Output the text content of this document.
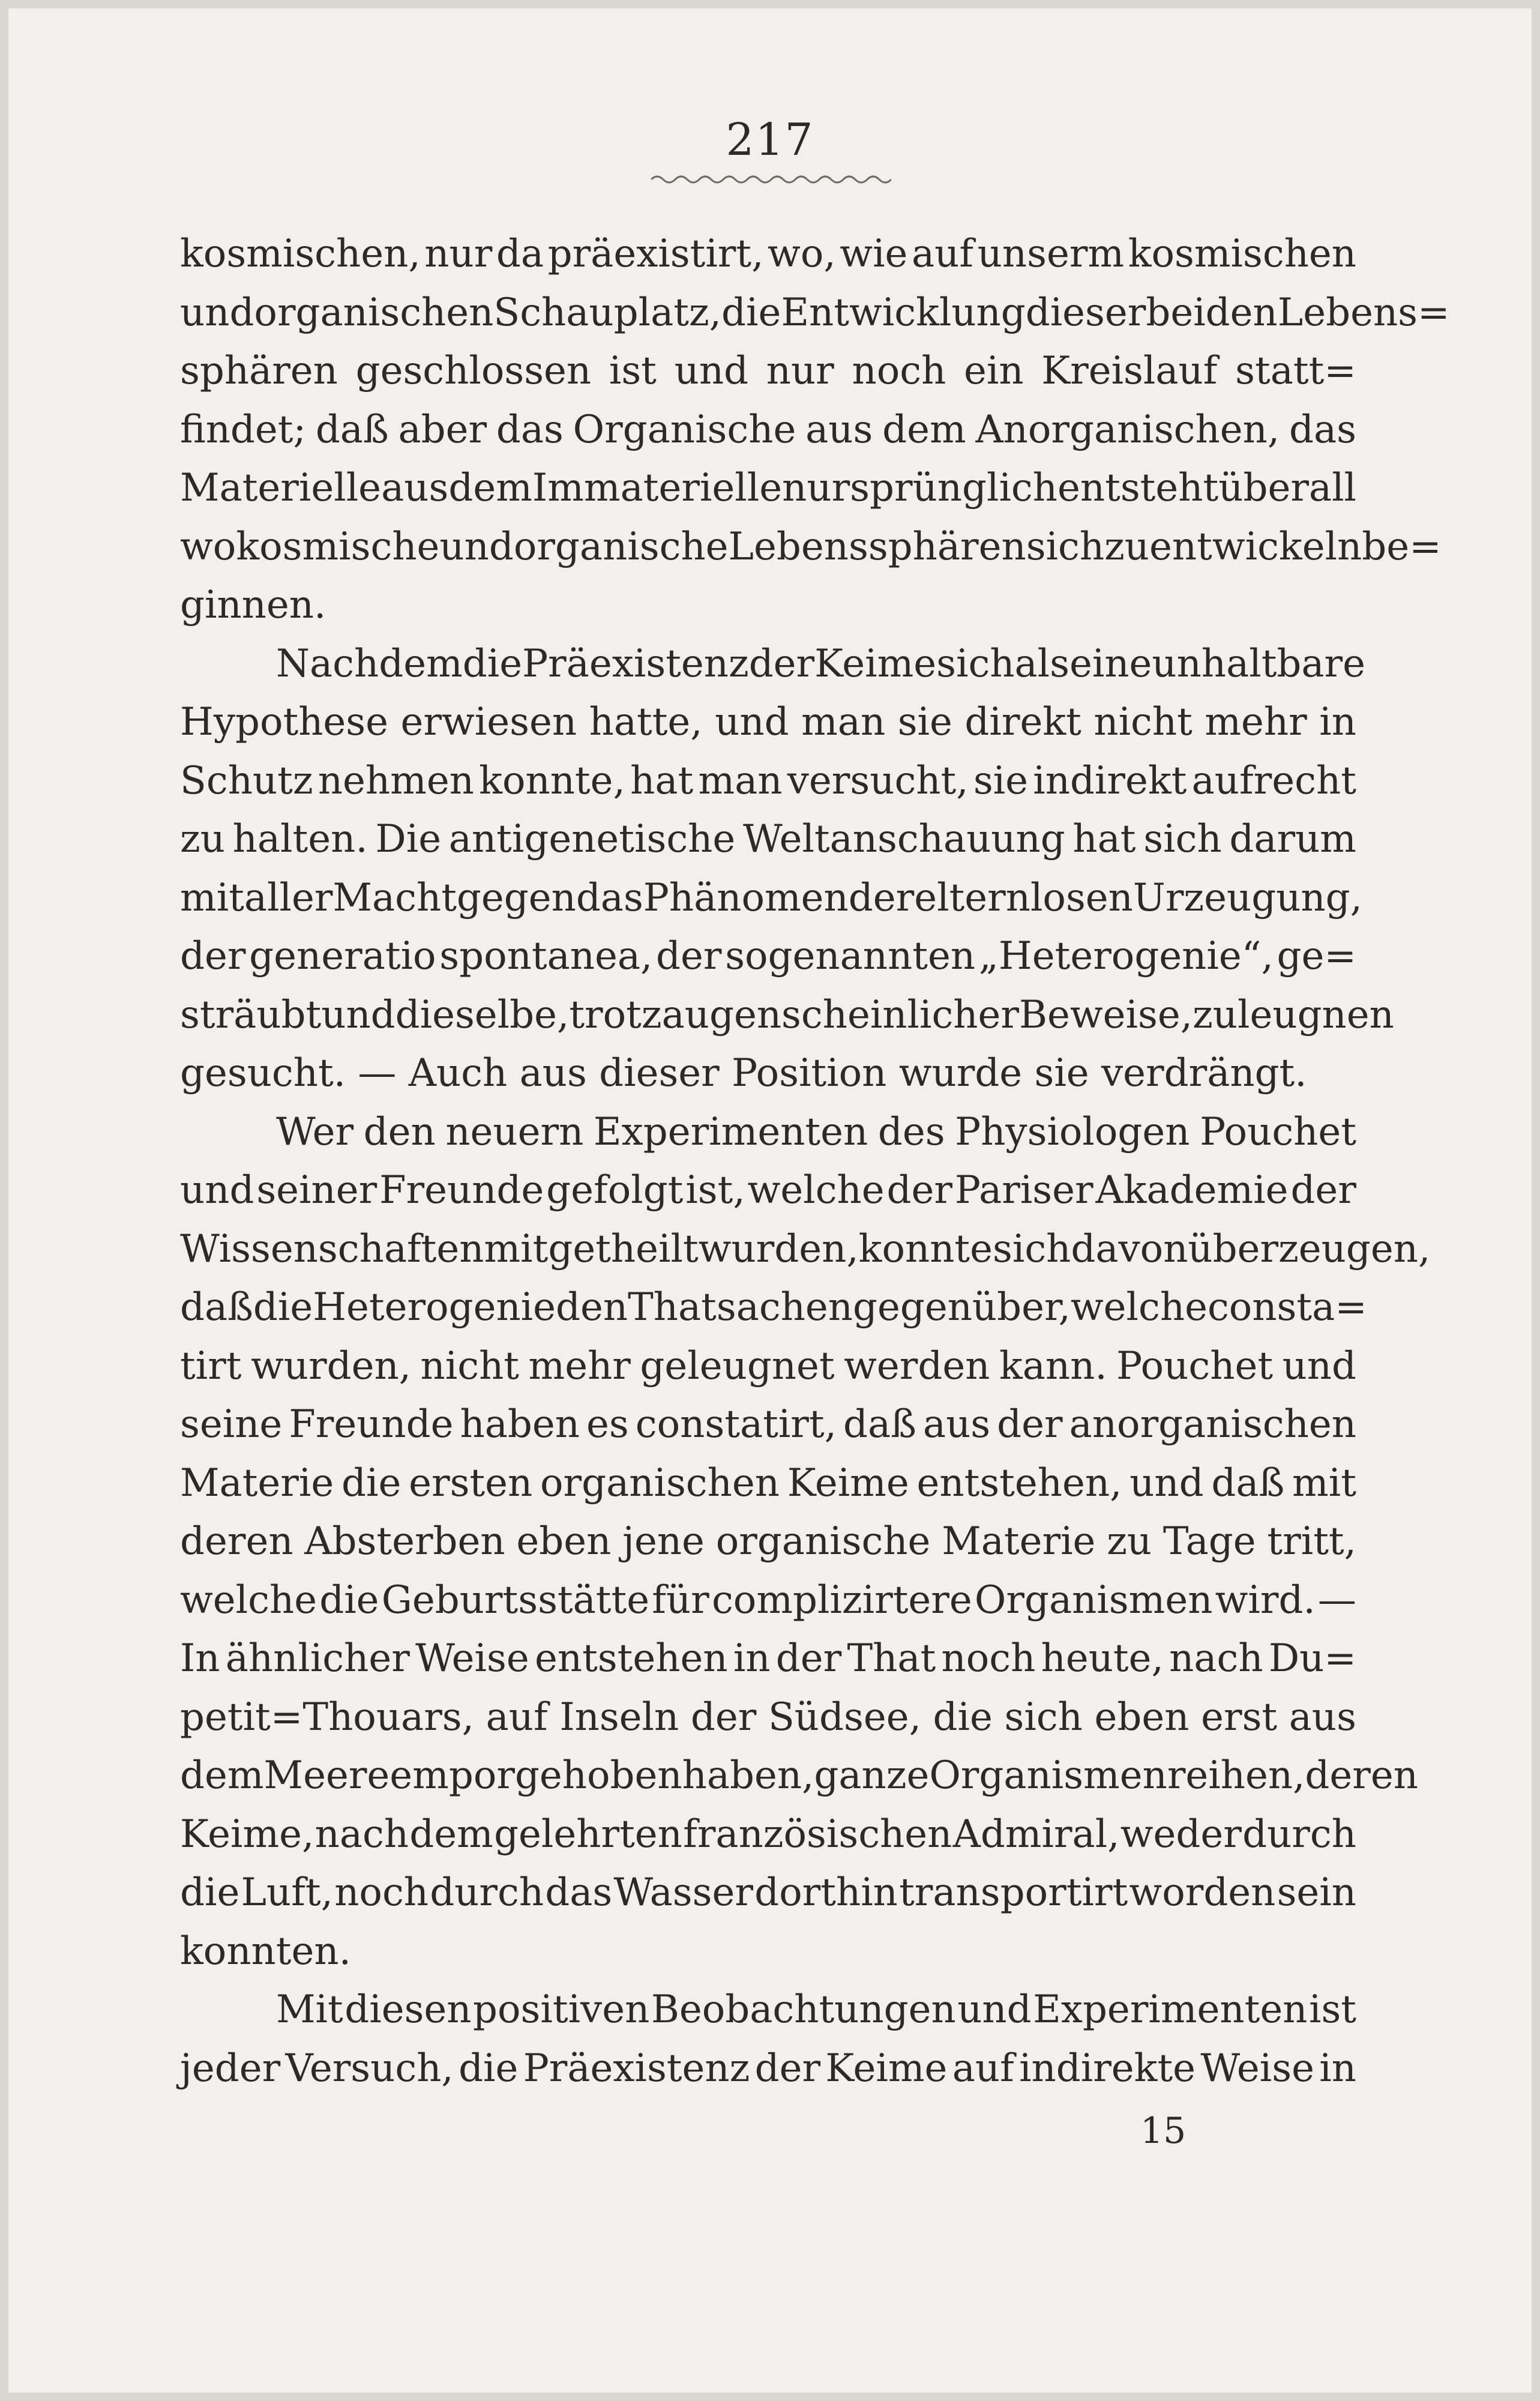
217
kosmischen, nur da präexistirt, wo, wie auf unserm kosmischen
und organischen Schauplatz, die Entwicklung dieser beiden Lebens=
sphären geschlossen ist und nur noch ein Kreislauf statt=
findet; daß aber das Organische aus dem Anorganischen, das
Materielle aus dem Immateriellen ursprünglich entsteht überall
wo kosmische und organische Lebenssphären sich zu entwickeln be=
ginnen.
Nachdem die Präexistenz der Keime sich als eine unhaltbare
Hypothese erwiesen hatte, und man sie direkt nicht mehr in
Schutz nehmen konnte, hat man versucht, sie indirekt aufrecht
zu halten. Die antigenetische Weltanschauung hat sich darum
mit aller Macht gegen das Phänomen der elternlosen Urzeugung,
der generatio spontanea, der sogenannten „Heterogenie“, ge=
sträubt und dieselbe, trotz augenscheinlicher Beweise, zu leugnen
gesucht. — Auch aus dieser Position wurde sie verdrängt.
Wer den neuern Experimenten des Physiologen Pouchet
und seiner Freunde gefolgt ist, welche der Pariser Akademie der
Wissenschaften mitgetheilt wurden, konnte sich davon überzeugen,
daß die Heterogenie den Thatsachen gegenüber, welche consta=
tirt wurden, nicht mehr geleugnet werden kann. Pouchet und
seine Freunde haben es constatirt, daß aus der anorganischen
Materie die ersten organischen Keime entstehen, und daß mit
deren Absterben eben jene organische Materie zu Tage tritt,
welche die Geburtsstätte für complizirtere Organismen wird. —
In ähnlicher Weise entstehen in der That noch heute, nach Du=
petit=Thouars, auf Inseln der Südsee, die sich eben erst aus
dem Meere empor gehoben haben, ganze Organismenreihen, deren
Keime, nach dem gelehrten französischen Admiral, weder durch
die Luft, noch durch das Wasser dorthin transportirt worden sein
konnten.
Mit diesen positiven Beobachtungen und Experimenten ist
jeder Versuch, die Präexistenz der Keime auf indirekte Weise in
15
